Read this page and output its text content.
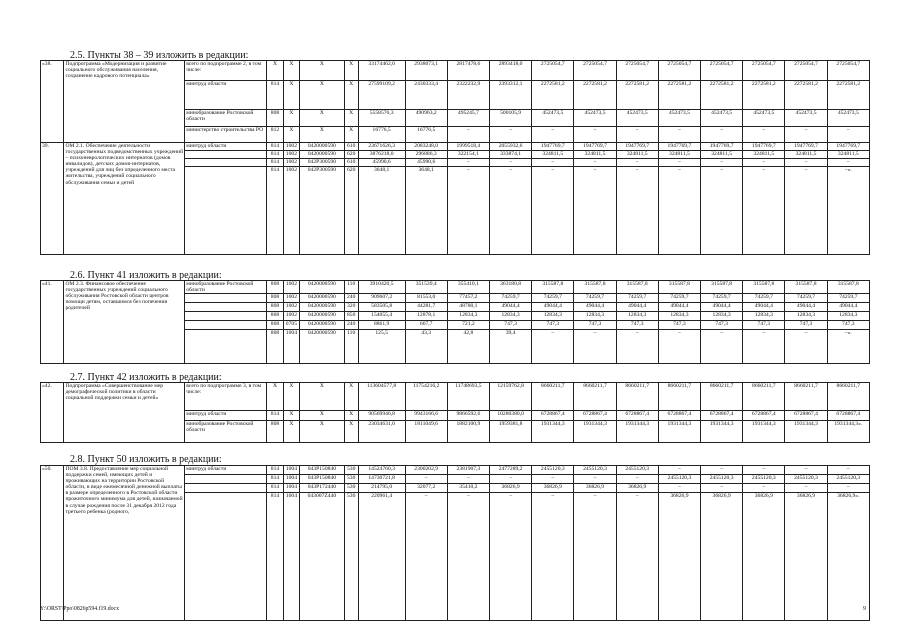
2.5. Пункты 38 – 39 изложить в редакции:
«38.	Подпрограмма «Модернизация и развитие социального обслуживания населения, сохранение кадрового потенциала»	всего по подпрограмме 2, в том числе:	X	X	X	X	33174462,0	2938073,1	2817478,6	2893418,0	2725054,7	2725054,7	2725054,7	2725054,7	2725054,7	2725054,7	2725054,7	2725054,7
		минтруд области	814	X	X	X	27599109,2	2430333,4	2322232,9	2393312,1	2272581,2	2272581,2	2272581,2	2272581,2	2272581,2	2272581,2	2272581,2	2272581,2
		минобразование Ростовской области	808	X	X	X	5558576,3	490963,2	495245,7	500105,9	452473,5	452473,5	452473,5	452473,5	452473,5	452473,5	452473,5	452473,5
		министерство строительства РО	812	X	X	X	16776,5	16776,5	–	–	–	–	–	–	–	–	–	–
39.	ОМ 2.1. Обеспечение деятельности государственных подведомственных учреждений – психоневрологических интернатов (домов инвалидов), детских домов-интернатов, учреждений для лиц без определенного места жительства, учреждений социального обслуживания семьи и детей	минтруд области	814	1002	0420000590	610	23671626,3	2083248,0	1999518,4	2055932,6	1947769,7	1947769,7	1947769,7	1947769,7	1947769,7	1947769,7	1947769,7	1947769,7
			814	1002	0420000590	620	3876218,0	296886,3	322154,1	333874,1	324811,5	324811,5	324811,5	324811,5	324811,5	324811,5	324811,5	324811,5
			814	1002	042P300590	610	45990,6	45990,6	–	–	–	–	–	–	–	–	–	–
			814	1002	042P300590	620	3648,1	3648,1	–	–	–	–	–	–	–	–	–	–».
2.6. Пункт 41 изложить в редакции:
«41.	ОМ 2.3. Финансовое обеспечение государственных учреждений социального обслуживания Ростовской области центров помощи детям, оставшимся без попечения родителей	минобразование Ростовской области	808	1002	0420000590	110	3910420,5	351539,4	355410,1	363180,8	315587,8	315587,8	315587,8	315587,8	315587,8	315587,8	315587,8	315587,8
			808	1002	0420000590	240	909607,2	81553,0	77457,2	74259,7	74259,7	74259,7	74259,7	74259,7	74259,7	74259,7	74259,7	74259,7
			808	1002	0420000590	320	583505,8	44281,7	48780,1	49044,4	49044,4	49044,4	49044,4	49044,4	49044,4	49044,4	49044,4	49044,4
			808	1002	0420000590	850	154055,4	12878,1	12834,3	12834,3	12834,3	12834,3	12834,3	12834,3	12834,3	12834,3	12834,3	12834,3
			808	0705	0420000590	240	8861,9	667,7	721,2	747,3	747,3	747,3	747,3	747,3	747,3	747,3	747,3	747,3
			808	1004	0420000590	110	125,5	43,3	42,8	39,4	–	–	–	–	–	–	–	–».
2.7. Пункт 42 изложить в редакции:
«42.	Подпрограмма «Совершенствование мер демографической политики в области социальной поддержки семьи и детей»	всего по подпрограмме 3, в том числе:	X	X	X	X	113604577,8	11754216,2	11748693,5	12159762,8	8660211,7	8660211,7	8660211,7	8660211,7	8660211,7	8660211,7	8660211,7	8660211,7
		минтруд области	814	X	X	X	90569946,8	9943166,6	9866592,6	10280380,0	6728867,4	6728867,4	6728867,4	6728867,4	6728867,4	6728867,4	6728867,4	6728867,4
		минобразование Ростовской области	808	X	X	X	23034631,0	1811049,6	1882100,9	1959381,8	1931344,3	1931344,3	1931344,3	1931344,3	1931344,3	1931344,3	1931344,3	1931344,3».
2.8. Пункт 50 изложить в редакции:
«50.	ПОМ 3.8. Предоставление мер социальной поддержки семей, имеющих детей и проживающих на территории Ростовской области, в виде ежемесячной денежной выплаты в размере определенного в Ростовской области прожиточного минимума для детей, назначаемой в случае рождения после 31 декабря 2012 года третьего ребенка (родного,	минтруд области	814	1004	043P150840	530	14524760,3	2300202,9	2381907,3	2477289,2	2455120,3	2455120,3	2455120,3	–	–	–	–	–
			814	1004	043Р150840	530	14730721,8	–	–	–	–	–	–	2455120,3	2455120,3	2455120,3	2455120,3	2455120,3
			814	1004	043P172440	530	214795,0	32077,2	35410,2	36826,9	36826,9	36826,9	36826,9	–	–	–	–	–
			814	1004	043007Z440	530	220961,4	–	–	–	–	–	–	36826,9	36826,9	36826,9	36826,9	36826,9».
Y:\ORST\Ppo\0826p594.f19.docx	9
